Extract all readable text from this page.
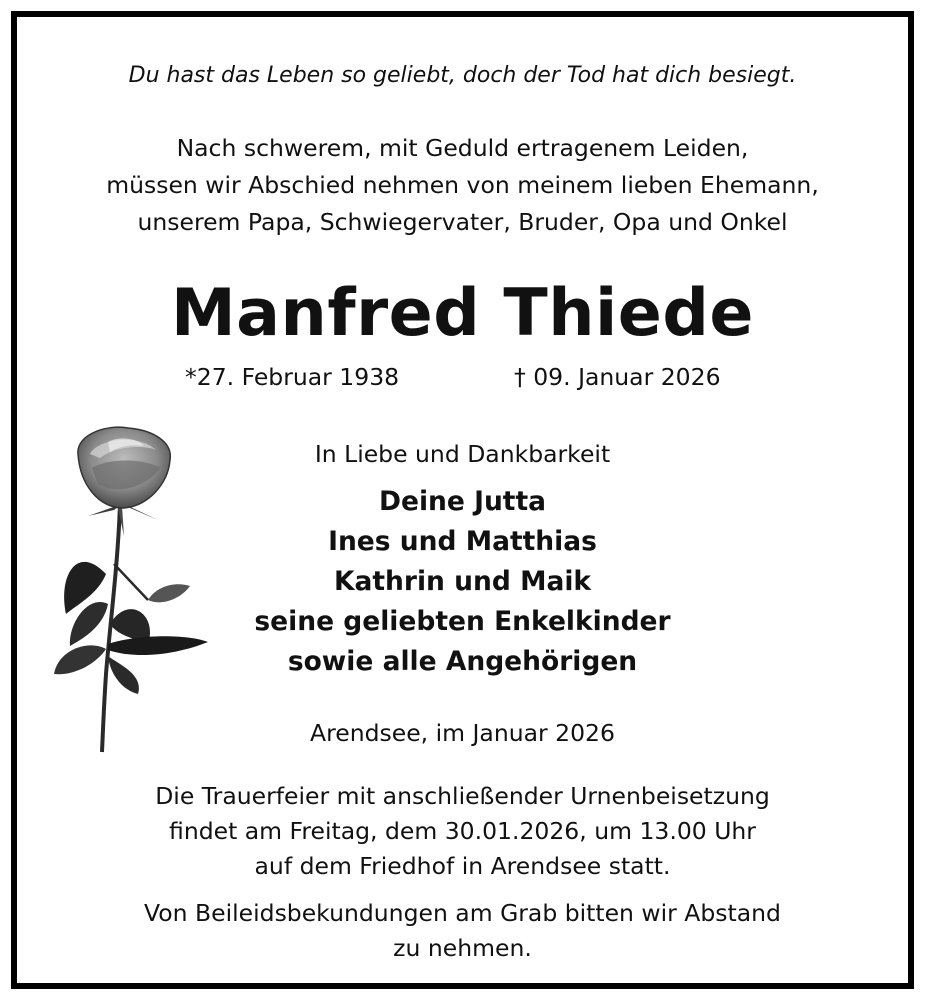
Du hast das Leben so geliebt, doch der Tod hat dich besiegt.
Nach schwerem, mit Geduld ertragenem Leiden,
müssen wir Abschied nehmen von meinem lieben Ehemann,
unserem Papa, Schwiegervater, Bruder, Opa und Onkel
Manfred Thiede
*27. Februar 1938	† 09. Januar 2026
In Liebe und Dankbarkeit
Deine Jutta
Ines und Matthias
Kathrin und Maik
seine geliebten Enkelkinder
sowie alle Angehörigen
Arendsee, im Januar 2026
Die Trauerfeier mit anschließender Urnenbeisetzung
findet am Freitag, dem 30.01.2026, um 13.00 Uhr
auf dem Friedhof in Arendsee statt.
Von Beileidsbekundungen am Grab bitten wir Abstand
zu nehmen.
